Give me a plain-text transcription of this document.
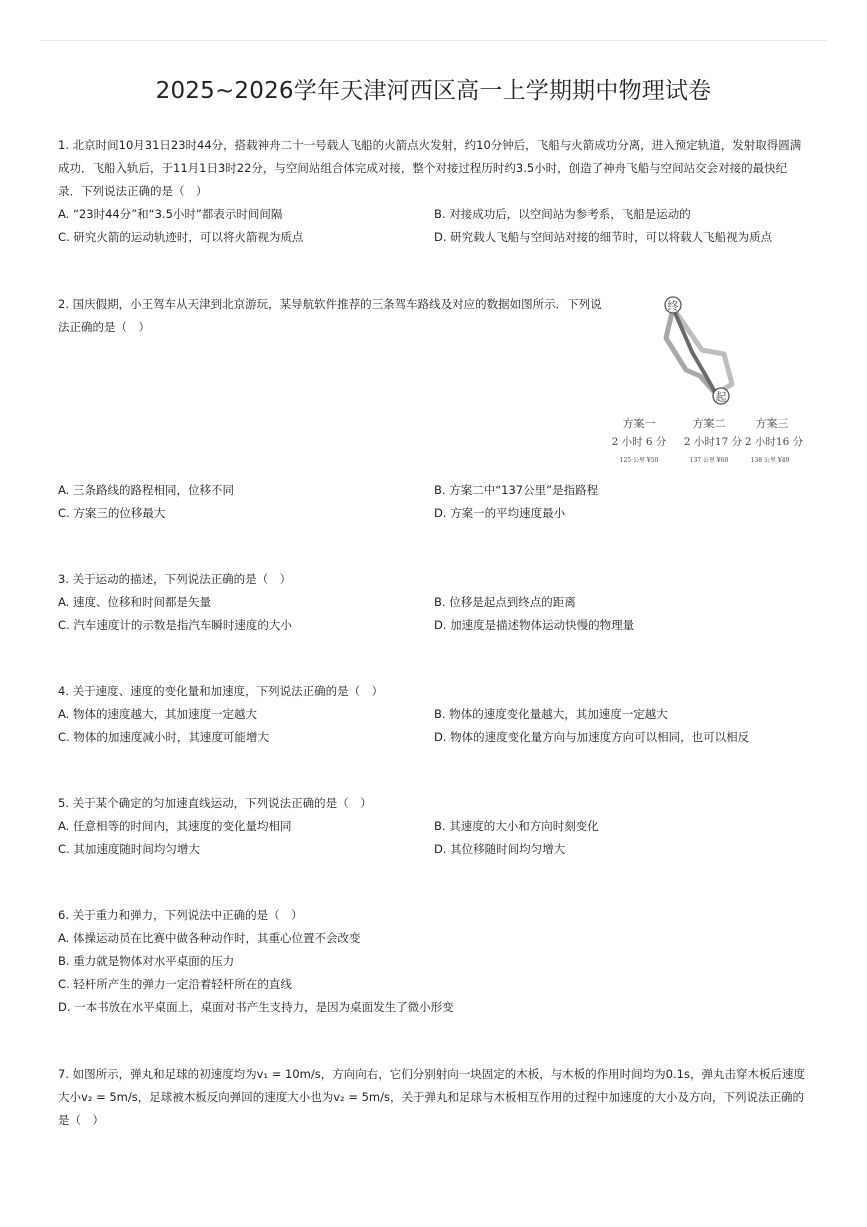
2025~2026学年天津河西区高一上学期期中物理试卷

1. 北京时间10月31日23时44分，搭载神舟二十一号载人飞船的火箭点火发射，约10分钟后，飞船与火箭成功分离，进入预定轨道，发射取得圆满成功．飞船入轨后，于11月1日3时22分，与空间站组合体完成对接，整个对接过程历时约3.5小时，创造了神舟飞船与空间站交会对接的最快纪录．下列说法正确的是（　）

A. “23时44分”和“3.5小时”都表示时间间隔	B. 对接成功后，以空间站为参考系，飞船是运动的
C. 研究火箭的运动轨迹时，可以将火箭视为质点	D. 研究载人飞船与空间站对接的细节时，可以将载人飞船视为质点

2. 国庆假期，小王驾车从天津到北京游玩，某导航软件推荐的三条驾车路线及对应的数据如图所示．下列说法正确的是（　）

A. 三条路线的路程相同，位移不同	B. 方案二中“137公里”是指路程
C. 方案三的位移最大	D. 方案一的平均速度最小
终
起
方案一	方案二	方案三
2 小时 6 分 2 小时17 分 2 小时16 分
125 公里 ¥50	137 公里 ¥60	138 公里 ¥49

3. 关于运动的描述，下列说法正确的是（　）

A. 速度、位移和时间都是矢量	B. 位移是起点到终点的距离
C. 汽车速度计的示数是指汽车瞬时速度的大小	D. 加速度是描述物体运动快慢的物理量

4. 关于速度、速度的变化量和加速度，下列说法正确的是（　）

A. 物体的速度越大，其加速度一定越大	B. 物体的速度变化量越大，其加速度一定越大
C. 物体的加速度减小时，其速度可能增大	D. 物体的速度变化量方向与加速度方向可以相同，也可以相反

5. 关于某个确定的匀加速直线运动，下列说法正确的是（　）

A. 任意相等的时间内，其速度的变化量均相同	B. 其速度的大小和方向时刻变化
C. 其加速度随时间均匀增大	D. 其位移随时间均匀增大

6. 关于重力和弹力，下列说法中正确的是（　）

A. 体操运动员在比赛中做各种动作时，其重心位置不会改变
B. 重力就是物体对水平桌面的压力
C. 轻杆所产生的弹力一定沿着轻杆所在的直线
D. 一本书放在水平桌面上，桌面对书产生支持力，是因为桌面发生了微小形变

7. 如图所示，弹丸和足球的初速度均为v₁ = 10m/s，方向向右，它们分别射向一块固定的木板，与木板的作用时间均为0.1s，弹丸击穿木板后速度大小v₂ = 5m/s，足球被木板反向弹回的速度大小也为v₂ = 5m/s，关于弹丸和足球与木板相互作用的过程中加速度的大小及方向，下列说法正确的是（　）
